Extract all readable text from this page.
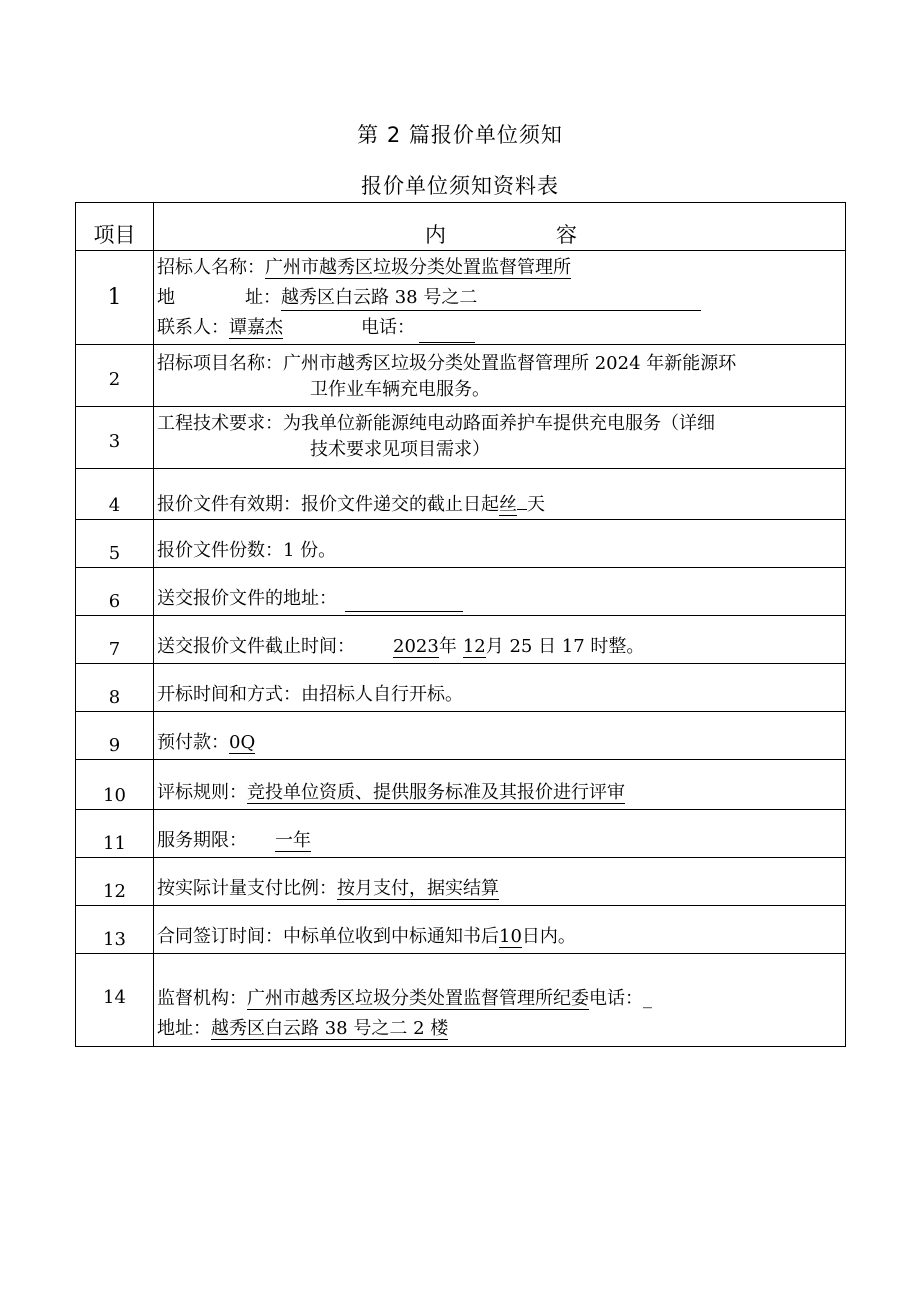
第 2 篇报价单位须知
报价单位须知资料表
项目	内 容
1	招标人名称：广州市越秀区垃圾分类处置监督管理所
地 址：越秀区白云路 38 号之二
联系人：谭嘉杰 电话：

2	招标项目名称：广州市越秀区垃圾分类处置监督管理所 2024 年新能源环
卫作业车辆充电服务。

3	工程技术要求：为我单位新能源纯电动路面养护车提供充电服务（详细
技术要求见项目需求）

4	报价文件有效期：报价文件递交的截止日起丝 天
5	报价文件份数：1 份。
6	送交报价文件的地址：
7	送交报价文件截止时间： 2023年 12月 25 日 17 时整。
8	开标时间和方式：由招标人自行开标。
9	预付款：0Q
10	评标规则：竞投单位资质、提供服务标准及其报价进行评审
11	服务期限： 一年
12	按实际计量支付比例：按月支付，据实结算
13	合同签订时间：中标单位收到中标通知书后10日内。
14	监督机构：广州市越秀区垃圾分类处置监督管理所纪委电话：_
地址：越秀区白云路 38 号之二 2 楼
